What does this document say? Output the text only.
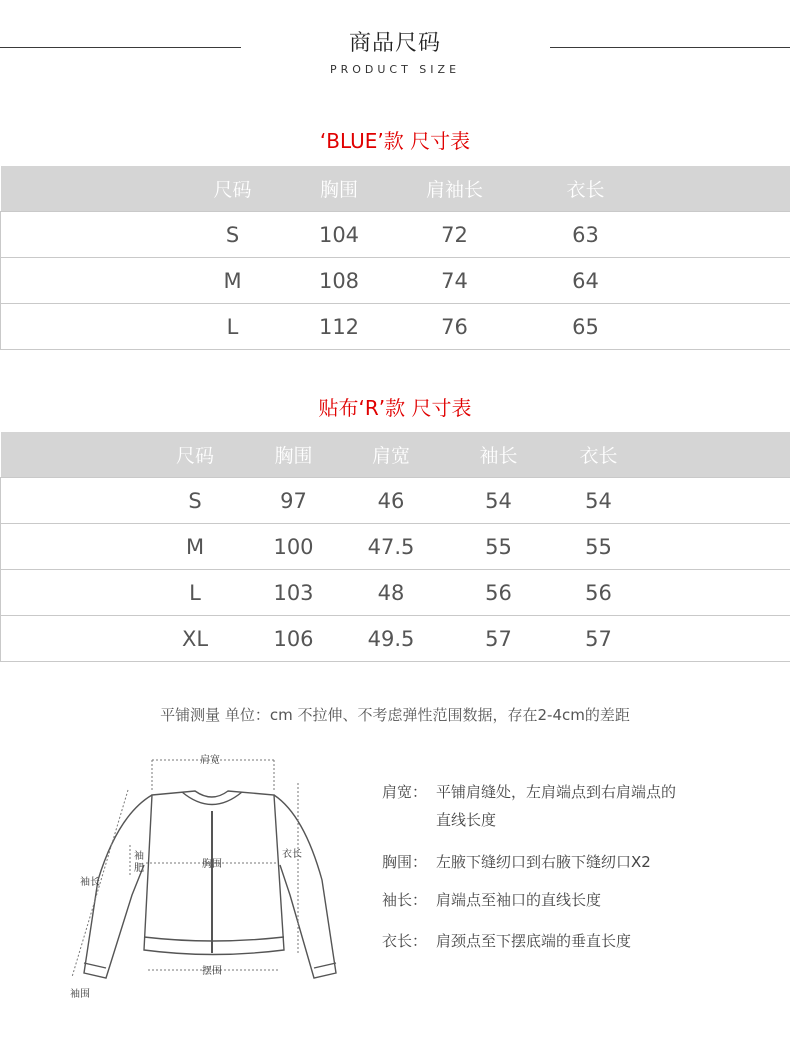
商品尺码
PRODUCT SIZE
‘BLUE’款 尺寸表
	尺码	胸围	肩袖长	衣长	
	S	104	72	63	
	M	108	74	64	
	L	112	76	65	
贴布‘R’款 尺寸表
	尺码	胸围	肩宽	袖长	衣长	
	S	97	46	54	54	
	M	100	47.5	55	55	
	L	103	48	56	56	
	XL	106	49.5	57	57	
平铺测量 单位：cm 不拉伸、不考虑弹性范围数据，存在2-4cm的差距
肩宽
胸围
衣长
袖肥
袖长
摆围
袖围
肩宽： 平铺肩缝处，左肩端点到右肩端点的
直线长度
胸围： 左腋下缝纫口到右腋下缝纫口X2
袖长： 肩端点至袖口的直线长度
衣长： 肩颈点至下摆底端的垂直长度
